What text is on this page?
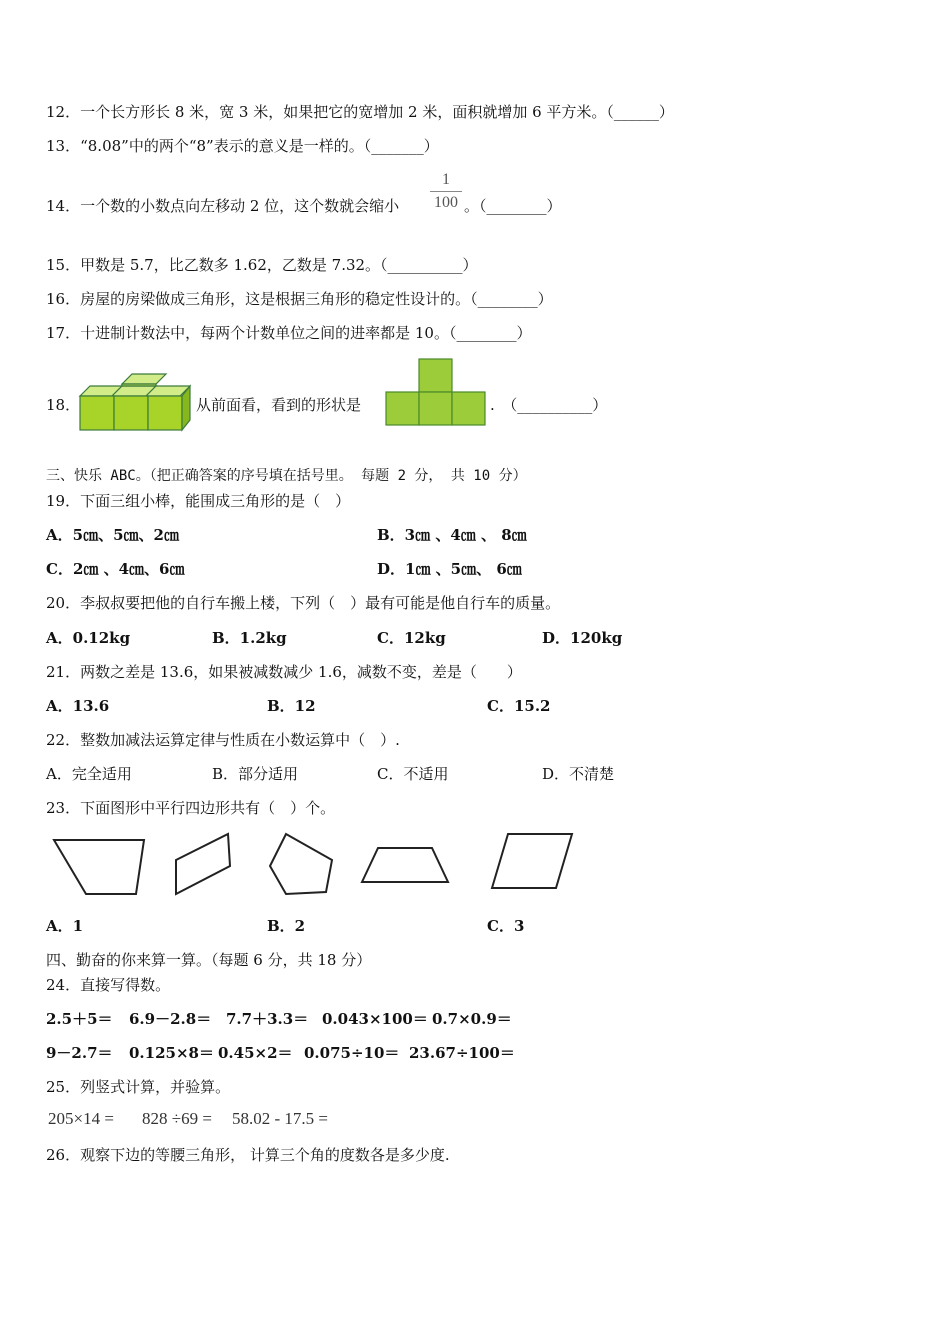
12．一个长方形长 8 米，宽 3 米，如果把它的宽增加 2 米，面积就增加 6 平方米。（______）
13．“8.08”中的两个“8”表示的意义是一样的。（_______）
14．一个数的小数点向左移动 2 位，这个数就会缩小
1
100 。（________）
15．甲数是 5.7，比乙数多 1.62，乙数是 7.32。（__________）
16．房屋的房梁做成三角形，这是根据三角形的稳定性设计的。（________）
17．十进制计数法中，每两个计数单位之间的进率都是 10。（________）
18．	从前面看，看到的形状是	.　（__________）
三、快乐 ABC。（把正确答案的序号填在括号里。 每题 2 分， 共 10 分）
19．下面三组小棒，能围成三角形的是（　）
A．5㎝、5㎝、2㎝	B．3㎝ 、4㎝ 、 8㎝
C．2㎝ 、4㎝、6㎝	D．1㎝ 、5㎝、 6㎝
20．李叔叔要把他的自行车搬上楼，下列（　）最有可能是他自行车的质量。
A．0.12kg	B．1.2kg	C．12kg	D．120kg
21．两数之差是 13.6，如果被减数减少 1.6，减数不变，差是（　　）
A．13.6	B．12	C．15.2
22．整数加减法运算定律与性质在小数运算中（　）.
A．完全适用	B．部分适用	C．不适用	D．不清楚
23．下面图形中平行四边形共有（　）个。
A．1	B．2	C．3
四、勤奋的你来算一算。（每题 6 分，共 18 分）
24．直接写得数。
2.5＋5＝ 6.9－2.8＝ 7.7＋3.3＝ 0.043×100＝ 0.7×0.9＝
9－2.7＝ 0.125×8＝ 0.45×2＝ 0.075÷10＝ 23.67÷100＝
25．列竖式计算，并验算。
205×14 = 828 ÷69 = 58.02 - 17.5 =
26．观察下边的等腰三角形， 计算三个角的度数各是多少度.
